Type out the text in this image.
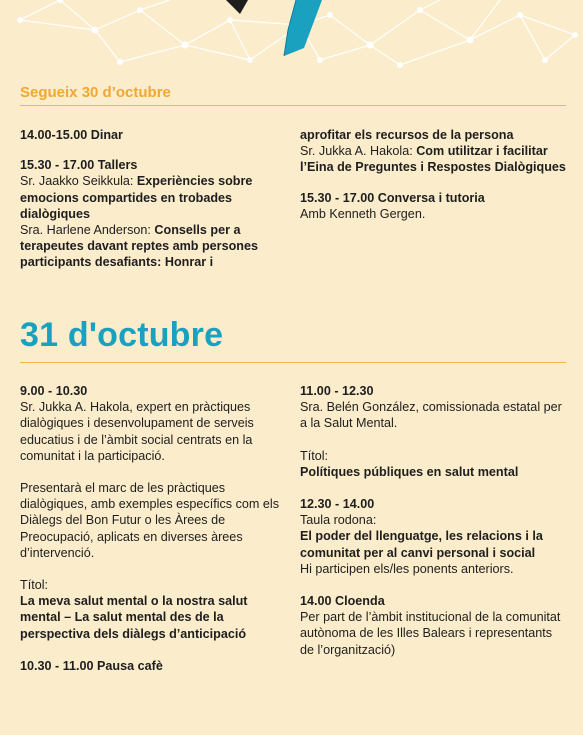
Segueix 30 d’octubre

14.00-15.00 Dinar

15.30 - 17.00 Tallers

Sr. Jaakko Seikkula: Experiències sobre emocions compartides en trobades dialògiques

Sra. Harlene Anderson: Consells per a terapeutes davant reptes amb persones participants desafiants: Honrar i

aprofitar els recursos de la persona

Sr. Jukka A. Hakola: Com utilitzar i facilitar l’Eina de Preguntes i Respostes Dialògiques

15.30 - 17.00 Conversa i tutoria

Amb Kenneth Gergen.

31 d'octubre

9.00 - 10.30

Sr. Jukka A. Hakola, expert en pràctiques dialògiques i desenvolupament de serveis educatius i de l’àmbit social centrats en la comunitat i la participació.

Presentarà el marc de les pràctiques dialògiques, amb exemples específics com els Diàlegs del Bon Futur o les Àrees de Preocupació, aplicats en diverses àrees d’intervenció.

Títol:

La meva salut mental o la nostra salut mental – La salut mental des de la perspectiva dels diàlegs d’anticipació

10.30 - 11.00 Pausa cafè

11.00 - 12.30

Sra. Belén González, comissionada estatal per a la Salut Mental.

Títol:

Polítiques públiques en salut mental

12.30 - 14.00

Taula rodona:

El poder del llenguatge, les relacions i la comunitat per al canvi personal i social

Hi participen els/les ponents anteriors.

14.00 Cloenda

Per part de l’àmbit institucional de la comunitat autònoma de les Illes Balears i representants de l’organització)
